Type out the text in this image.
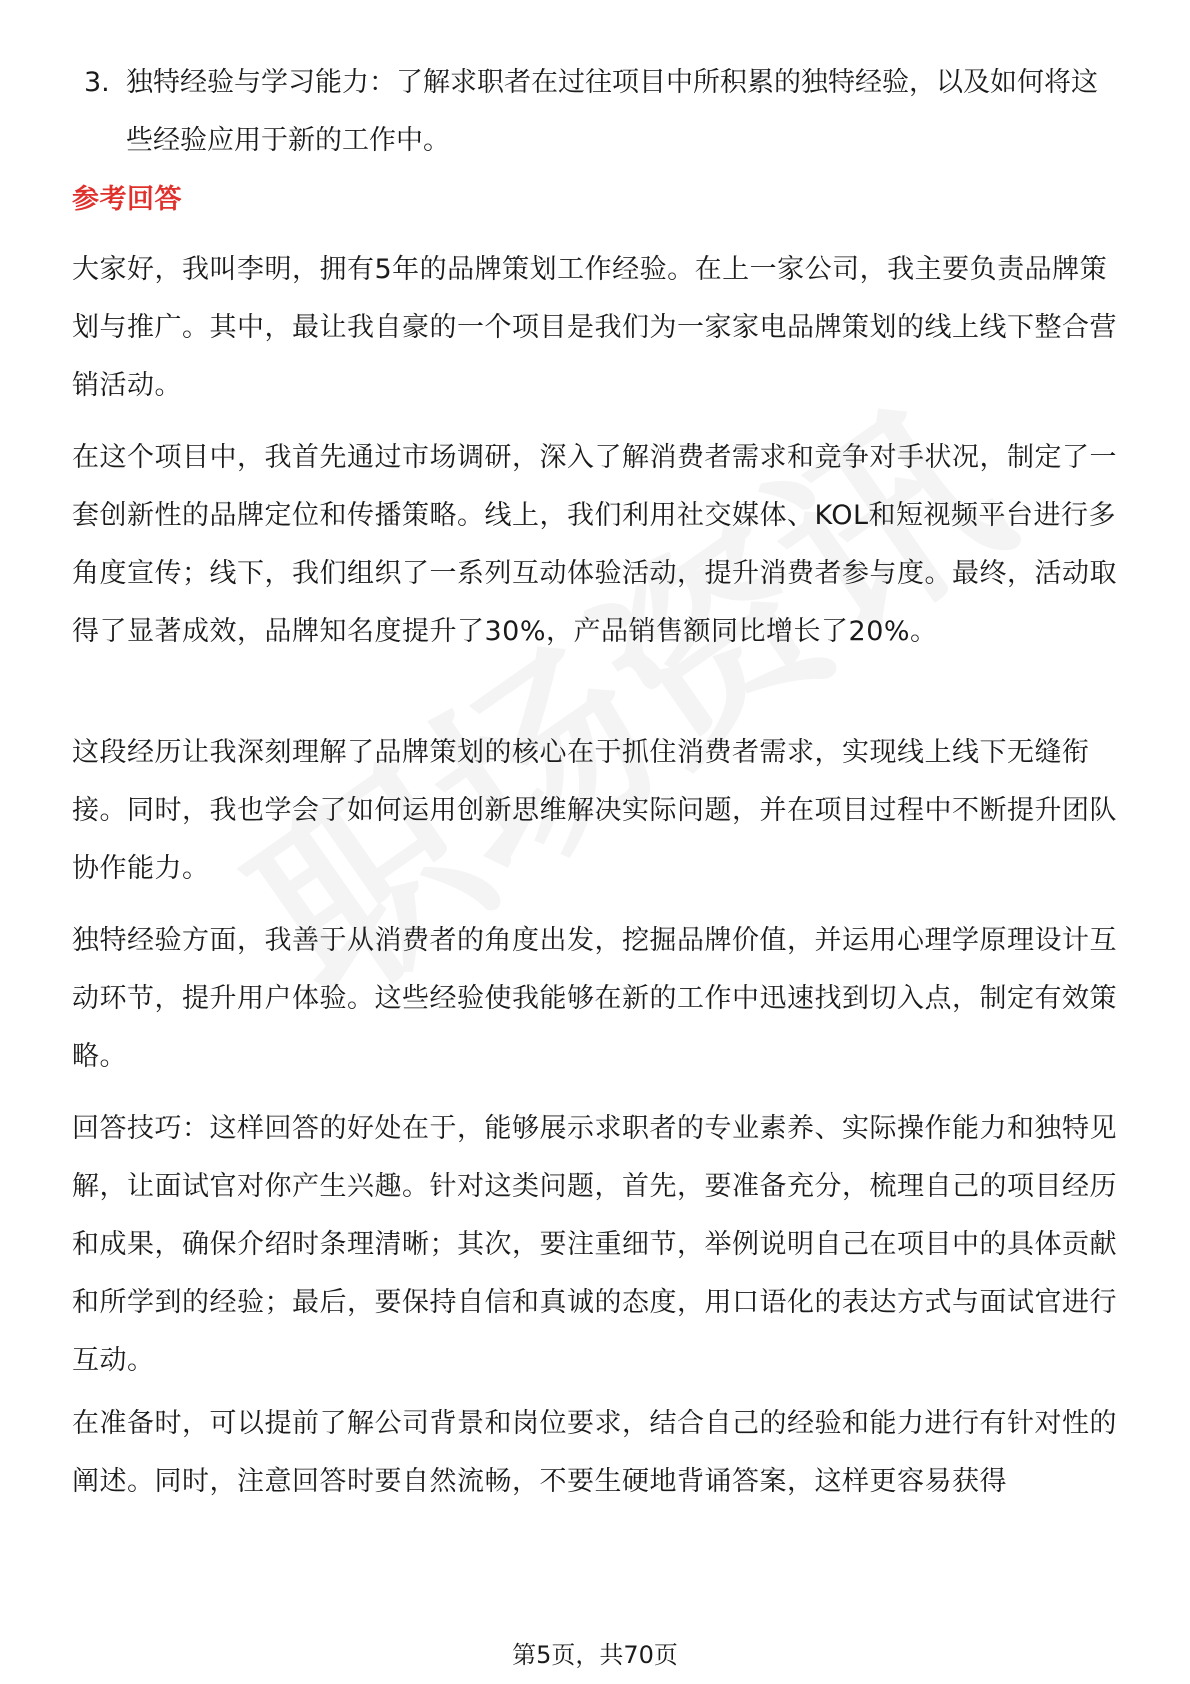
3. 独特经验与学习能力：了解求职者在过往项目中所积累的独特经验，以及如何将这些经验应用于新的工作中。

参考回答

大家好，我叫李明，拥有5年的品牌策划工作经验。在上一家公司，我主要负责品牌策划与推广。其中，最让我自豪的一个项目是我们为一家家电品牌策划的线上线下整合营销活动。

在这个项目中，我首先通过市场调研，深入了解消费者需求和竞争对手状况，制定了一套创新性的品牌定位和传播策略。线上，我们利用社交媒体、KOL和短视频平台进行多角度宣传；线下，我们组织了一系列互动体验活动，提升消费者参与度。最终，活动取得了显著成效，品牌知名度提升了30%，产品销售额同比增长了20%。

这段经历让我深刻理解了品牌策划的核心在于抓住消费者需求，实现线上线下无缝衔接。同时，我也学会了如何运用创新思维解决实际问题，并在项目过程中不断提升团队协作能力。

独特经验方面，我善于从消费者的角度出发，挖掘品牌价值，并运用心理学原理设计互动环节，提升用户体验。这些经验使我能够在新的工作中迅速找到切入点，制定有效策略。

回答技巧：这样回答的好处在于，能够展示求职者的专业素养、实际操作能力和独特见解，让面试官对你产生兴趣。针对这类问题，首先，要准备充分，梳理自己的项目经历和成果，确保介绍时条理清晰；其次，要注重细节，举例说明自己在项目中的具体贡献和所学到的经验；最后，要保持自信和真诚的态度，用口语化的表达方式与面试官进行互动。

在准备时，可以提前了解公司背景和岗位要求，结合自己的经验和能力进行有针对性的阐述。同时，注意回答时要自然流畅，不要生硬地背诵答案，这样更容易获得

第5页，共70页
